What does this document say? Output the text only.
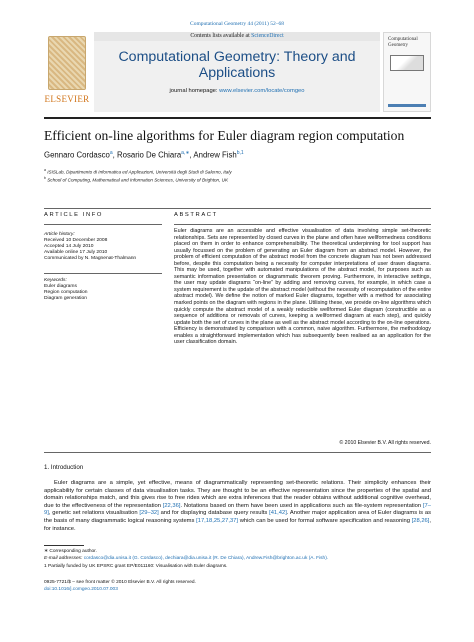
Computational Geometry 44 (2011) 52–68
ELSEVIER
Contents lists available at ScienceDirect
Computational Geometry: Theory and
Applications
journal homepage: www.elsevier.com/locate/comgeo
Computational Geometry
Efficient on-line algorithms for Euler diagram region computation
Gennaro Cordasco$^a$, Rosario De Chiara$^{a,∗}$, Andrew Fish$^{b,1}$
$^a$ ISISLab, Dipartimento di Informatica ed Applicazioni, Università degli Studi di Salerno, Italy
$^b$ School of Computing, Mathematical and Information Sciences, University of Brighton, UK
ARTICLE INFO	ABSTRACT
Article history:
Received 10 December 2008
Accepted 14 July 2010
Available online 17 July 2010
Communicated by N. Magnenat-Thalmann
Keywords:
Euler diagrams
Region computation
Diagram generation
Euler diagrams are an accessible and effective visualisation of data involving simple set-theoretic relationships. Sets are represented by closed curves in the plane and often have wellformedness conditions placed on them in order to enhance comprehensibility. The theoretical underpinning for tool support has usually focussed on the problem of generating an Euler diagram from an abstract model. However, the problem of efficient computation of the abstract model from the concrete diagram has not been addressed before, despite this computation being a necessity for computer interpretations of user drawn diagrams. This may be used, together with automated manipulations of the abstract model, for purposes such as semantic information presentation or diagrammatic theorem proving. Furthermore, in interactive settings, the user may update diagrams “on-line” by adding and removing curves, for example, in which case a system requirement is the update of the abstract model (without the necessity of recomputation of the entire abstract model). We define the notion of marked Euler diagrams, together with a method for associating marked points on the diagram with regions in the plane. Utilising these, we provide on-line algorithms which quickly compute the abstract model of a weakly reducible wellformed Euler diagram (constructible as a sequence of additions or removals of curves, keeping a wellformed diagram at each step), and quickly update both the set of curves in the plane as well as the abstract model according to the on-line operations. Efficiency is demonstrated by comparison with a common, naive algorithm. Furthermore, the methodology enables a straightforward implementation which has subsequently been realised as an application for the user classification domain.
© 2010 Elsevier B.V. All rights reserved.
1. Introduction
Euler diagrams are a simple, yet effective, means of diagrammatically representing set-theoretic relations. Their simplicity enhances their applicability for certain classes of data visualisation tasks. They are thought to be an effective representation since the properties of the spatial and domain relationships match, and this gives rise to free rides which are extra inferences that the reader obtains without additional cognitive overhead, due to the effectiveness of the representation [22,36]. Notations based on them have been used in applications such as file-system representation [7–9], genetic set relations visualisation [29–32] and for displaying database query results [41,42]. Another major application area of Euler diagrams is as the basis of many diagrammatic logical reasoning systems [17,18,25,27,37] which can be used for formal software specification and reasoning [28,26], for instance.
∗ Corresponding author.
E-mail addresses: cordasco@dia.unisa.it (G. Cordasco), dechiara@dia.unisa.it (R. De Chiara), Andrew.Fish@brighton.ac.uk (A. Fish).
1 Partially funded by UK EPSRC grant EP/E011160: Visualisation with Euler diagrams.
0925-7721/$ – see front matter © 2010 Elsevier B.V. All rights reserved.
doi:10.1016/j.comgeo.2010.07.003
